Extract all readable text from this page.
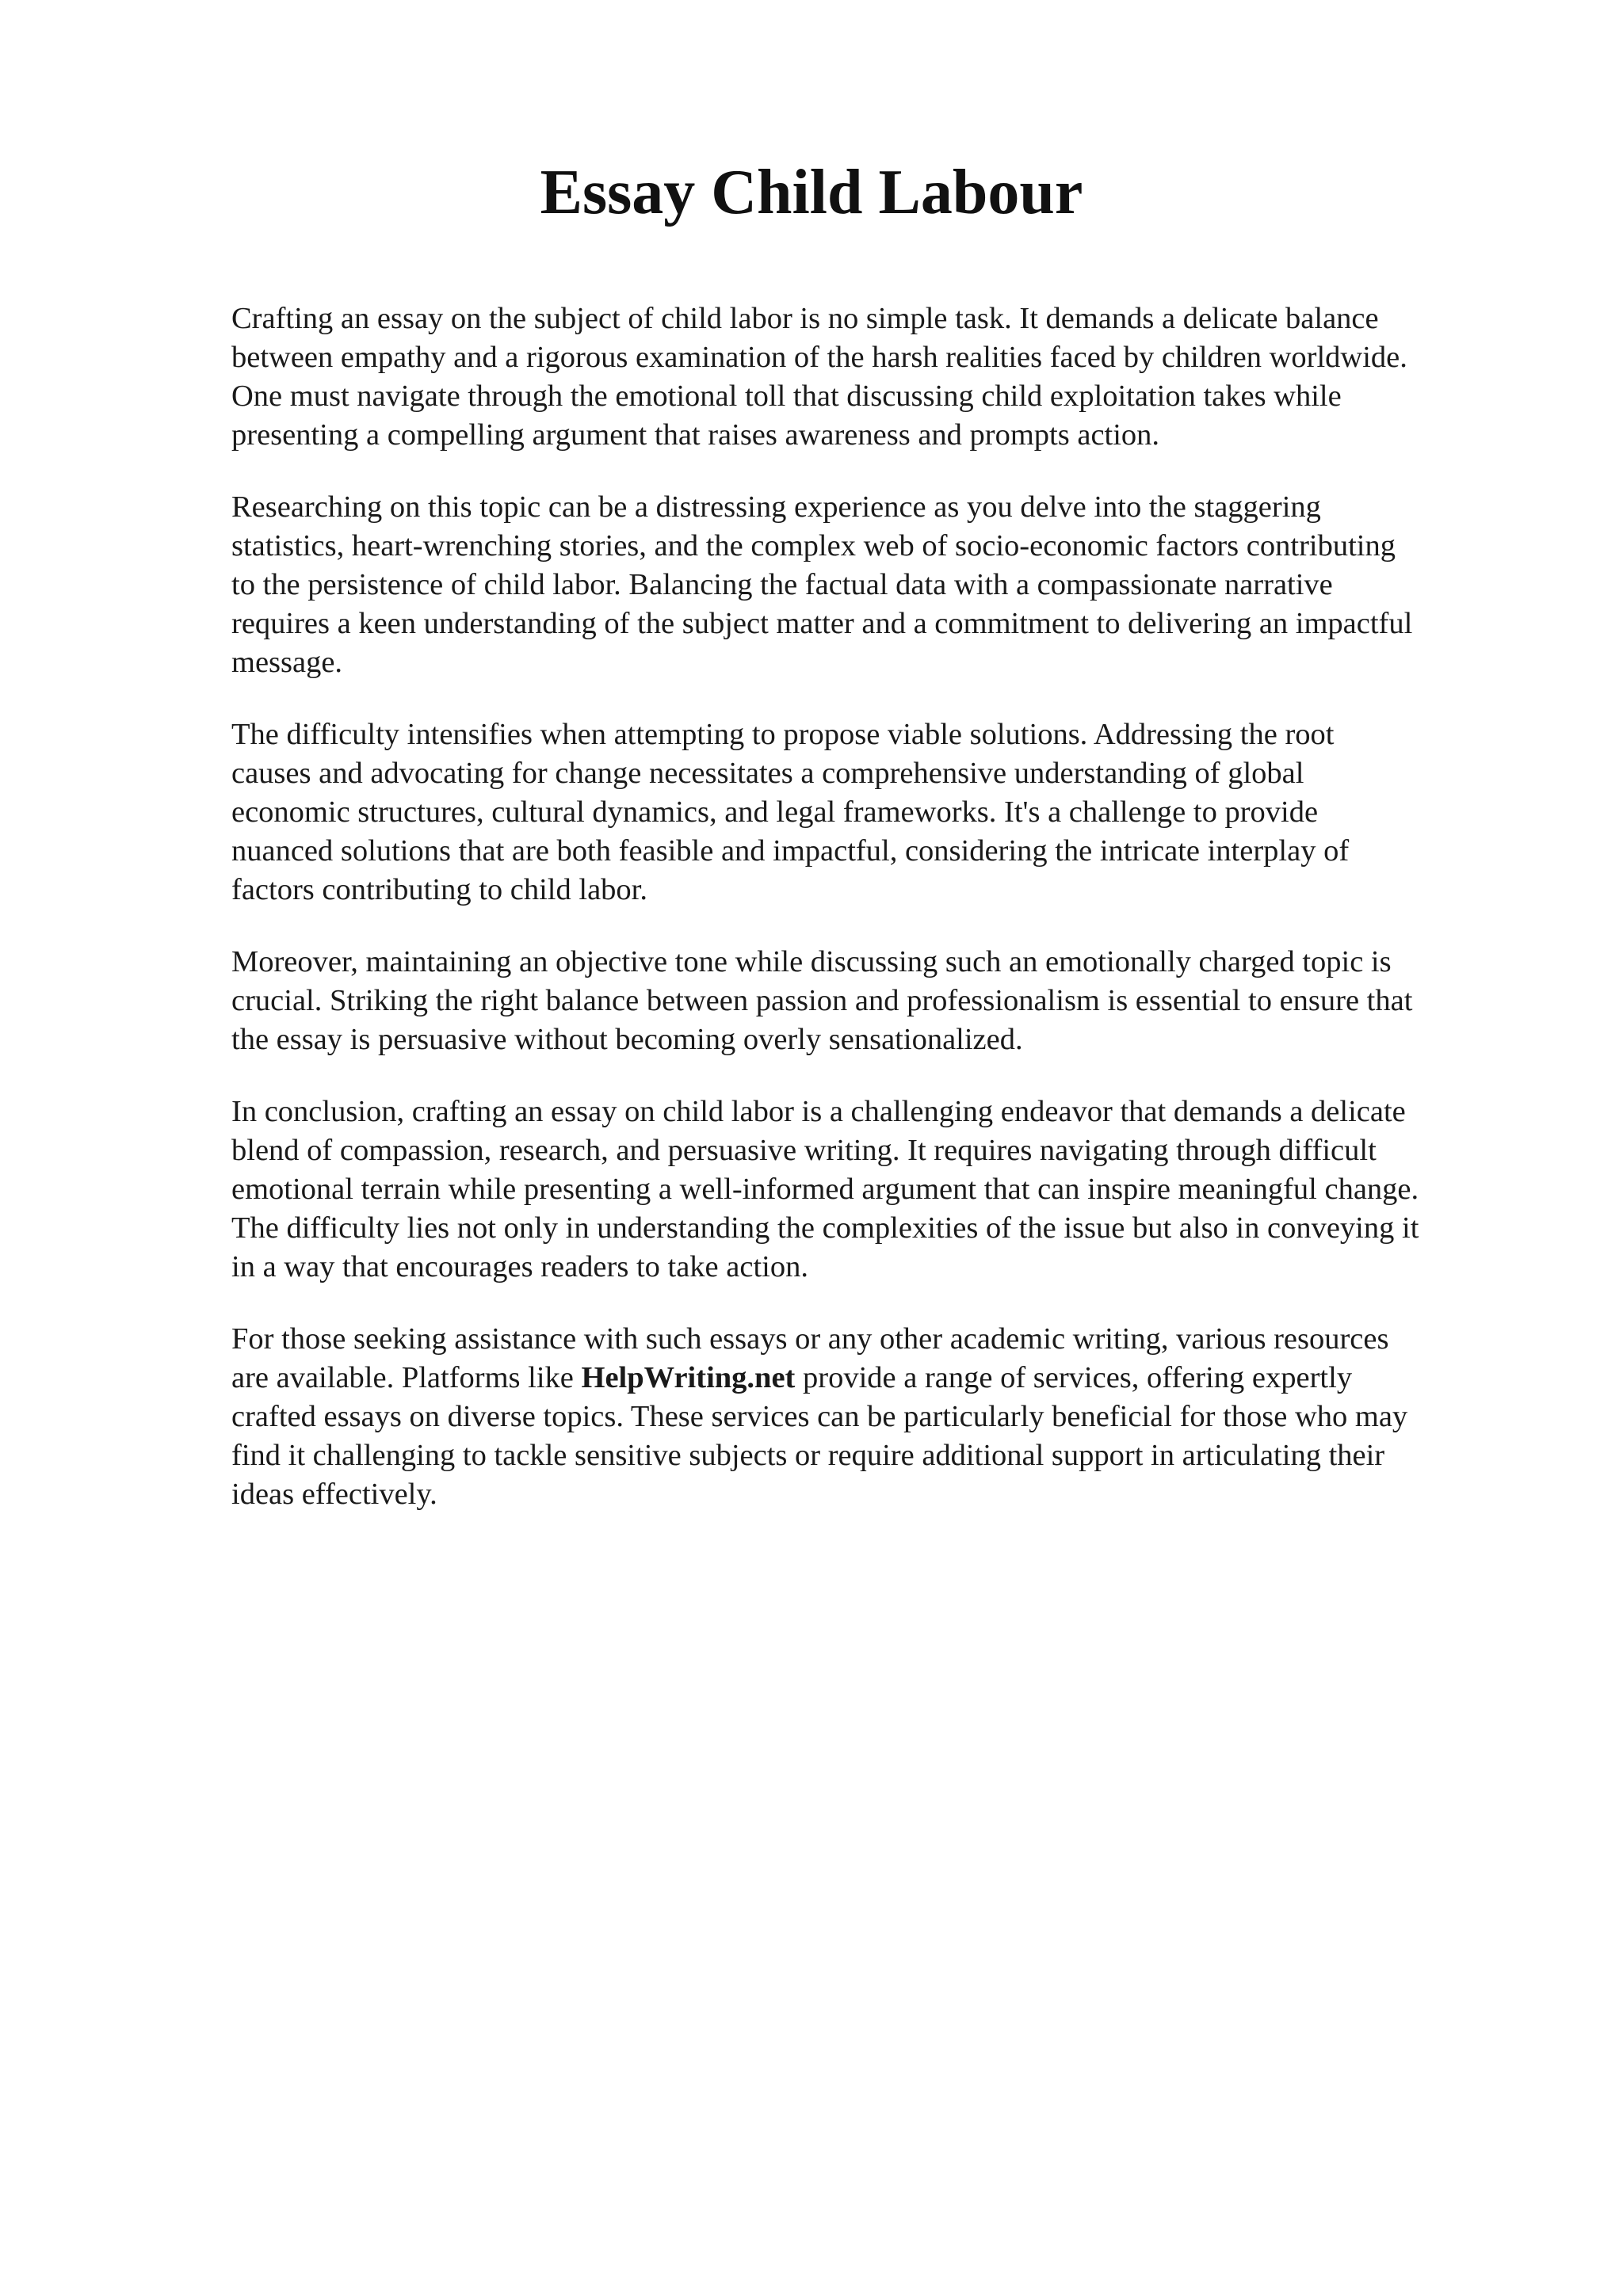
Essay Child Labour

Crafting an essay on the subject of child labor is no simple task. It demands a delicate balance
between empathy and a rigorous examination of the harsh realities faced by children worldwide.
One must navigate through the emotional toll that discussing child exploitation takes while
presenting a compelling argument that raises awareness and prompts action.

Researching on this topic can be a distressing experience as you delve into the staggering
statistics, heart-wrenching stories, and the complex web of socio-economic factors contributing
to the persistence of child labor. Balancing the factual data with a compassionate narrative
requires a keen understanding of the subject matter and a commitment to delivering an impactful
message.

The difficulty intensifies when attempting to propose viable solutions. Addressing the root
causes and advocating for change necessitates a comprehensive understanding of global
economic structures, cultural dynamics, and legal frameworks. It's a challenge to provide
nuanced solutions that are both feasible and impactful, considering the intricate interplay of
factors contributing to child labor.

Moreover, maintaining an objective tone while discussing such an emotionally charged topic is
crucial. Striking the right balance between passion and professionalism is essential to ensure that
the essay is persuasive without becoming overly sensationalized.

In conclusion, crafting an essay on child labor is a challenging endeavor that demands a delicate
blend of compassion, research, and persuasive writing. It requires navigating through difficult
emotional terrain while presenting a well-informed argument that can inspire meaningful change.
The difficulty lies not only in understanding the complexities of the issue but also in conveying it
in a way that encourages readers to take action.

For those seeking assistance with such essays or any other academic writing, various resources
are available. Platforms like HelpWriting.net provide a range of services, offering expertly
crafted essays on diverse topics. These services can be particularly beneficial for those who may
find it challenging to tackle sensitive subjects or require additional support in articulating their
ideas effectively.
